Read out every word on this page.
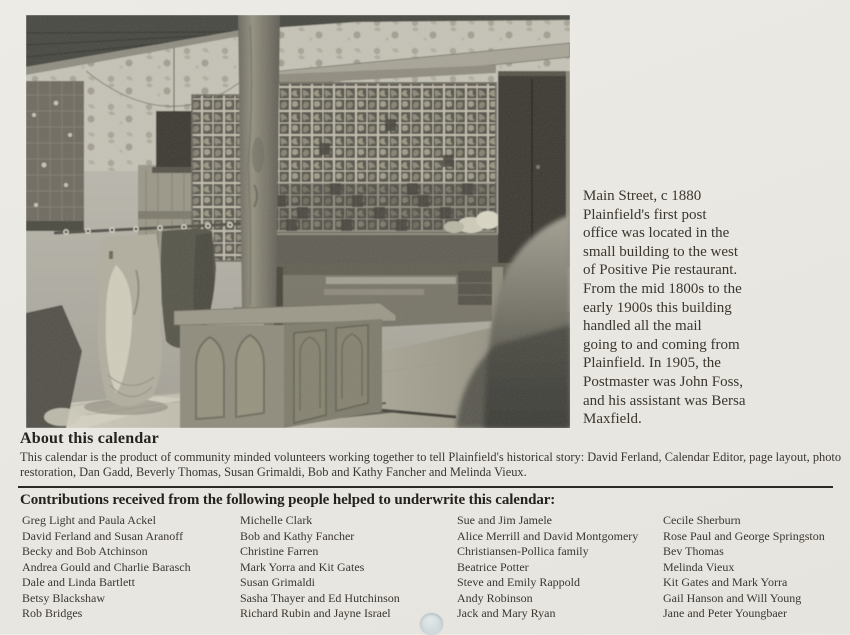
Main Street, c 1880
Plainfield's first post
office was located in the
small building to the west
of Positive Pie restaurant.
From the mid 1800s to the
early 1900s this building
handled all the mail
going to and coming from
Plainfield. In 1905, the
Postmaster was John Foss,
and his assistant was Bersa
Maxfield.
About this calendar
This calendar is the product of community minded volunteers working together to tell Plainfield's historical story: David Ferland, Calendar Editor, page layout, photo
restoration, Dan Gadd, Beverly Thomas, Susan Grimaldi, Bob and Kathy Fancher and Melinda Vieux.
Contributions received from the following people helped to underwrite this calendar:
Greg Light and Paula Ackel
David Ferland and Susan Aranoff
Becky and Bob Atchinson
Andrea Gould and Charlie Barasch
Dale and Linda Bartlett
Betsy Blackshaw
Rob Bridges
Michelle Clark
Bob and Kathy Fancher
Christine Farren
Mark Yorra and Kit Gates
Susan Grimaldi
Sasha Thayer and Ed Hutchinson
Richard Rubin and Jayne Israel
Sue and Jim Jamele
Alice Merrill and David Montgomery
Christiansen-Pollica family
Beatrice Potter
Steve and Emily Rappold
Andy Robinson
Jack and Mary Ryan
Cecile Sherburn
Rose Paul and George Springston
Bev Thomas
Melinda Vieux
Kit Gates and Mark Yorra
Gail Hanson and Will Young
Jane and Peter Youngbaer
